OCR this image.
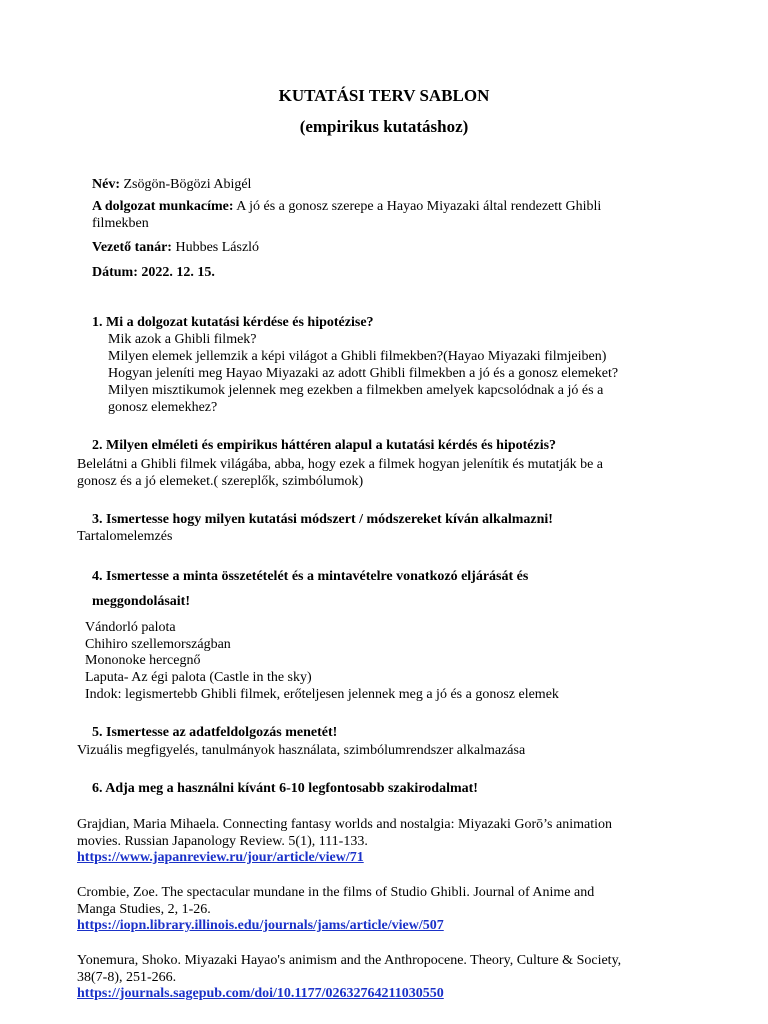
KUTATÁSI TERV SABLON
(empirikus kutatáshoz)
Név: Zsögön-Bögözi Abigél
A dolgozat munkacíme: A jó és a gonosz szerepe a Hayao Miyazaki által rendezett Ghibli
filmekben
Vezető tanár: Hubbes László
Dátum: 2022. 12. 15.
1. Mi a dolgozat kutatási kérdése és hipotézise?
Mik azok a Ghibli filmek?
Milyen elemek jellemzik a képi világot a Ghibli filmekben?(Hayao Miyazaki filmjeiben)
Hogyan jeleníti meg Hayao Miyazaki az adott Ghibli filmekben a jó és a gonosz elemeket?
Milyen misztikumok jelennek meg ezekben a filmekben amelyek kapcsolódnak a jó és a
gonosz elemekhez?
2. Milyen elméleti és empirikus háttéren alapul a kutatási kérdés és hipotézis?
Belelátni a Ghibli filmek világába, abba, hogy ezek a filmek hogyan jelenítik és mutatják be a
gonosz és a jó elemeket.( szereplők, szimbólumok)
3. Ismertesse hogy milyen kutatási módszert / módszereket kíván alkalmazni!
Tartalomelemzés
4. Ismertesse a minta összetételét és a mintavételre vonatkozó eljárását és
meggondolásait!
Vándorló palota
Chihiro szellemországban
Mononoke hercegnő
Laputa- Az égi palota (Castle in the sky)
Indok: legismertebb Ghibli filmek, erőteljesen jelennek meg a jó és a gonosz elemek
5. Ismertesse az adatfeldolgozás menetét!
Vizuális megfigyelés, tanulmányok használata, szimbólumrendszer alkalmazása
6. Adja meg a használni kívánt 6-10 legfontosabb szakirodalmat!
Grajdian, Maria Mihaela. Connecting fantasy worlds and nostalgia: Miyazaki Gorō’s animation
movies. Russian Japanology Review. 5(1), 111-133.
https://www.japanreview.ru/jour/article/view/71
Crombie, Zoe. The spectacular mundane in the films of Studio Ghibli. Journal of Anime and
Manga Studies, 2, 1-26.
https://iopn.library.illinois.edu/journals/jams/article/view/507
Yonemura, Shoko. Miyazaki Hayao's animism and the Anthropocene. Theory, Culture & Society,
38(7-8), 251-266.
https://journals.sagepub.com/doi/10.1177/02632764211030550
